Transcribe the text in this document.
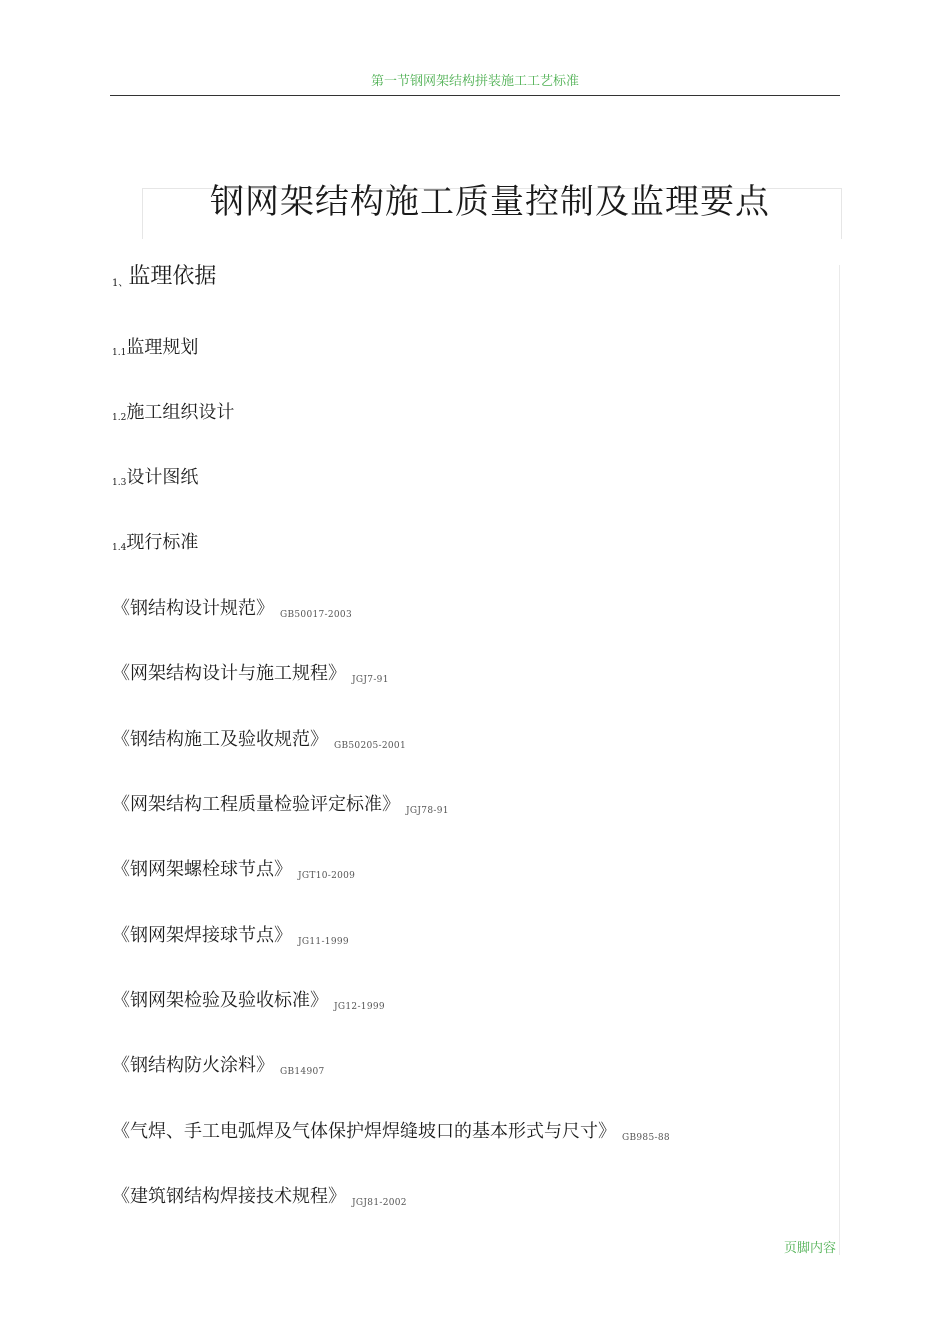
第一节钢网架结构拼装施工工艺标准
钢网架结构施工质量控制及监理要点
1、监理依据
1.1监理规划
1.2施工组织设计
1.3设计图纸
1.4现行标准
《钢结构设计规范》 GB50017-2003
《网架结构设计与施工规程》 JGJ7-91
《钢结构施工及验收规范》 GB50205-2001
《网架结构工程质量检验评定标准》 JGJ78-91
《钢网架螺栓球节点》 JGT10-2009
《钢网架焊接球节点》 JG11-1999
《钢网架检验及验收标准》 JG12-1999
《钢结构防火涂料》 GB14907
《气焊、手工电弧焊及气体保护焊焊缝坡口的基本形式与尺寸》 GB985-88
《建筑钢结构焊接技术规程》 JGJ81-2002
页脚内容
